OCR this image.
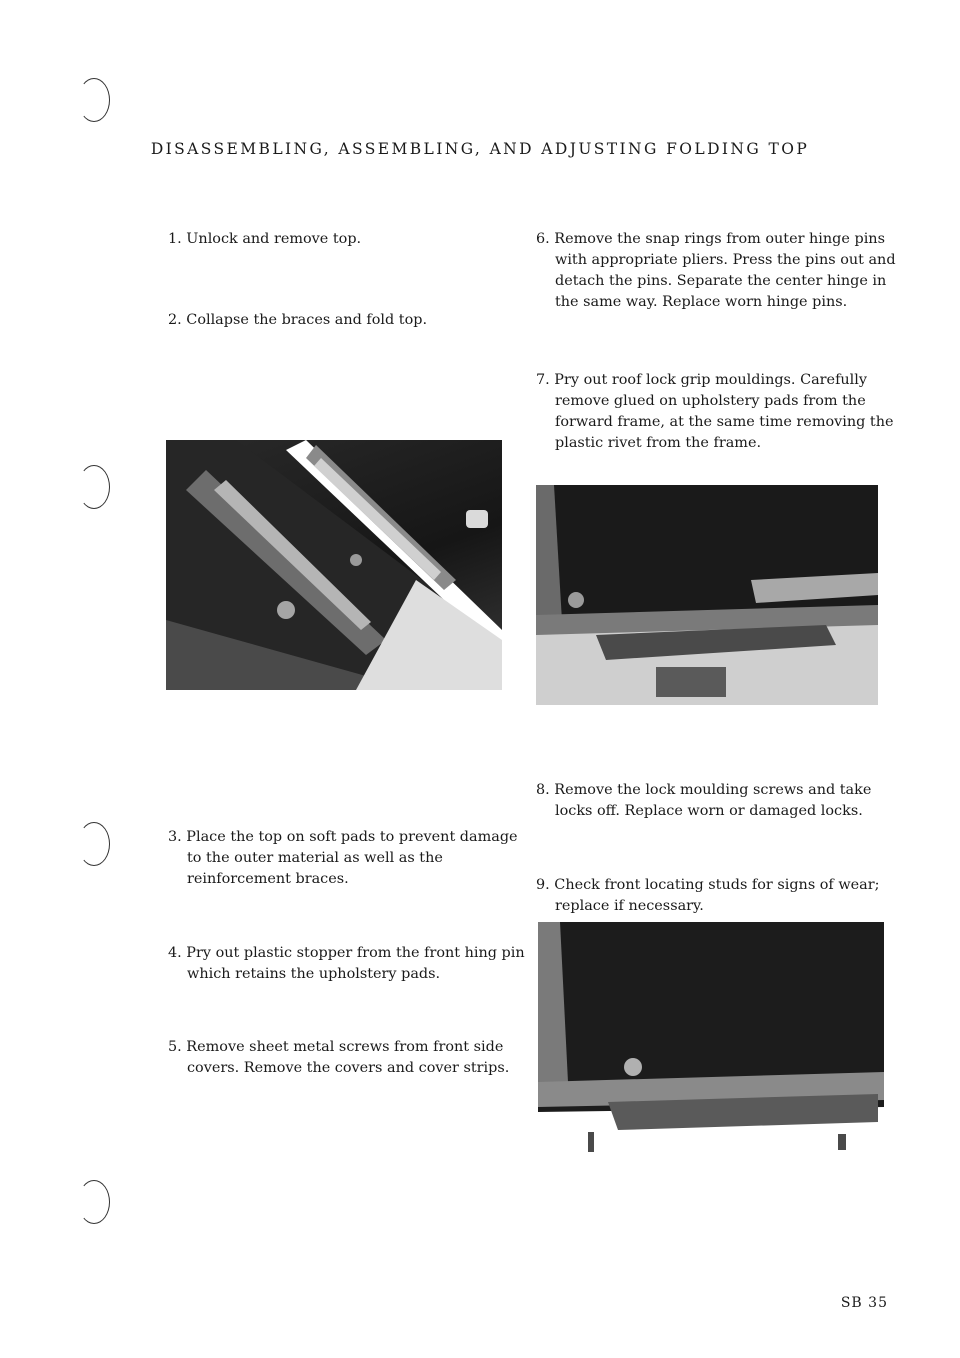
DISASSEMBLING, ASSEMBLING, AND ADJUSTING FOLDING TOP
1. Unlock and remove top.
2. Collapse the braces and fold top.
3. Place the top on soft pads to prevent damage to the outer material as well as the reinforcement braces.
4. Pry out plastic stopper from the front hing pin which retains the upholstery pads.
5. Remove sheet metal screws from front side covers. Remove the covers and cover strips.
6. Remove the snap rings from outer hinge pins with appropriate pliers. Press the pins out and detach the pins. Separate the center hinge in the same way. Replace worn hinge pins.
7. Pry out roof lock grip mouldings. Carefully remove glued on upholstery pads from the forward frame, at the same time removing the plastic rivet from the frame.
8. Remove the lock moulding screws and take locks off. Replace worn or damaged locks.
9. Check front locating studs for signs of wear; replace if necessary.
SB 35
